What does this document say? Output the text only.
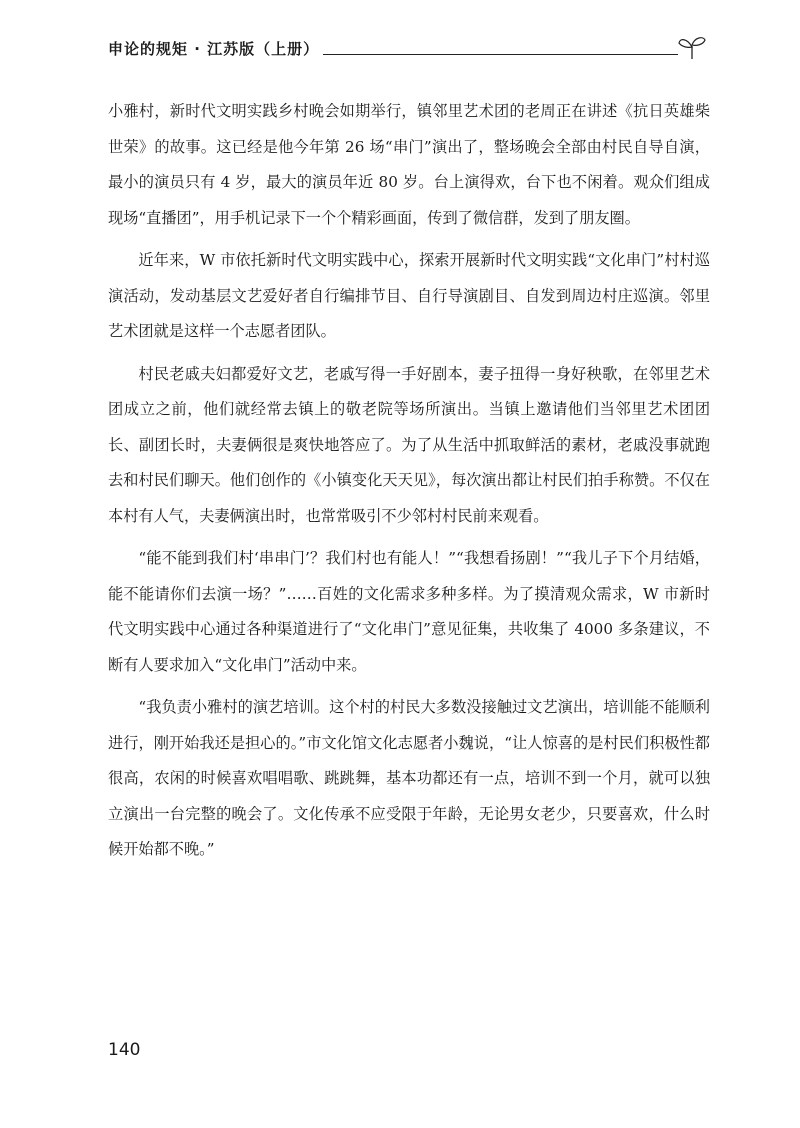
申论的规矩 · 江苏版（上册）

小雅村，新时代文明实践乡村晚会如期举行，镇邻里艺术团的老周正在讲述《抗日英雄柴世荣》的故事。这已经是他今年第 26 场“串门”演出了，整场晚会全部由村民自导自演，最小的演员只有 4 岁，最大的演员年近 80 岁。台上演得欢，台下也不闲着。观众们组成现场“直播团”，用手机记录下一个个精彩画面，传到了微信群，发到了朋友圈。

近年来，W 市依托新时代文明实践中心，探索开展新时代文明实践“文化串门”村村巡演活动，发动基层文艺爱好者自行编排节目、自行导演剧目、自发到周边村庄巡演。邻里艺术团就是这样一个志愿者团队。

村民老戚夫妇都爱好文艺，老戚写得一手好剧本，妻子扭得一身好秧歌，在邻里艺术团成立之前，他们就经常去镇上的敬老院等场所演出。当镇上邀请他们当邻里艺术团团长、副团长时，夫妻俩很是爽快地答应了。为了从生活中抓取鲜活的素材，老戚没事就跑去和村民们聊天。他们创作的《小镇变化天天见》，每次演出都让村民们拍手称赞。不仅在本村有人气，夫妻俩演出时，也常常吸引不少邻村村民前来观看。

“能不能到我们村‘串串门’？我们村也有能人！”“我想看扬剧！”“我儿子下个月结婚，能不能请你们去演一场？”……百姓的文化需求多种多样。为了摸清观众需求，W 市新时代文明实践中心通过各种渠道进行了“文化串门”意见征集，共收集了 4000 多条建议，不断有人要求加入“文化串门”活动中来。

“我负责小雅村的演艺培训。这个村的村民大多数没接触过文艺演出，培训能不能顺利进行，刚开始我还是担心的。”市文化馆文化志愿者小魏说，“让人惊喜的是村民们积极性都很高，农闲的时候喜欢唱唱歌、跳跳舞，基本功都还有一点，培训不到一个月，就可以独立演出一台完整的晚会了。文化传承不应受限于年龄，无论男女老少，只要喜欢，什么时候开始都不晚。”

140
